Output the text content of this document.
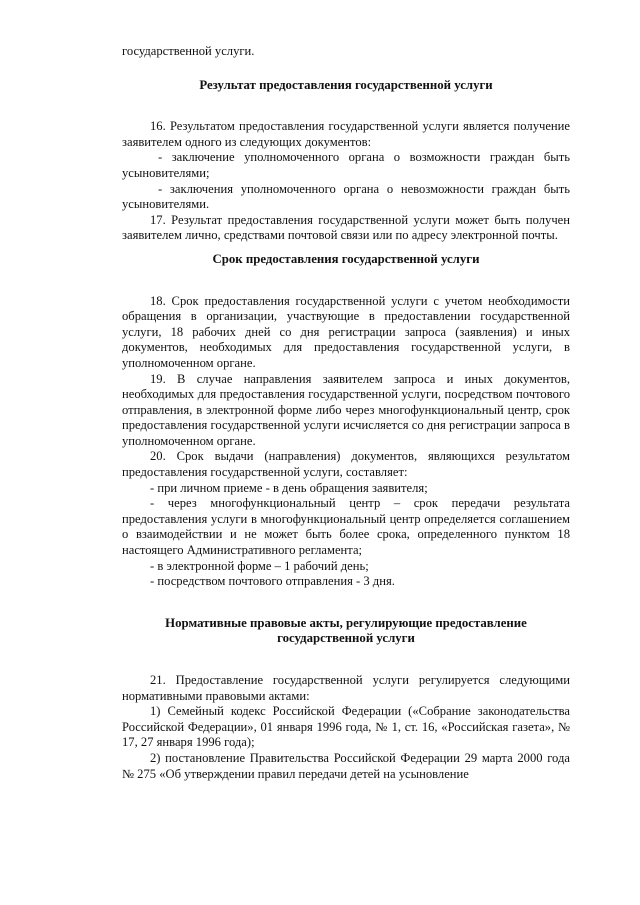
государственной услуги.

Результат предоставления государственной услуги

16. Результатом предоставления государственной услуги является получение заявителем одного из следующих документов:

- заключение уполномоченного органа о возможности граждан быть усыновителями;

- заключения уполномоченного органа о невозможности граждан быть усыновителями.

17. Результат предоставления государственной услуги может быть получен заявителем лично, средствами почтовой связи или по адресу электронной почты.

Срок предоставления государственной услуги

18. Срок предоставления государственной услуги с учетом необходимости обращения в организации, участвующие в предоставлении государственной услуги, 18 рабочих дней со дня регистрации запроса (заявления) и иных документов, необходимых для предоставления государственной услуги, в уполномоченном органе.

19. В случае направления заявителем запроса и иных документов, необходимых для предоставления государственной услуги, посредством почтового отправления, в электронной форме либо через многофункциональный центр, срок предоставления государственной услуги исчисляется со дня регистрации запроса в уполномоченном органе.

20. Срок выдачи (направления) документов, являющихся результатом предоставления государственной услуги, составляет:

- при личном приеме - в день обращения заявителя;

- через многофункциональный центр – срок передачи результата предоставления услуги в многофункциональный центр определяется соглашением о взаимодействии и не может быть более срока, определенного пунктом 18 настоящего Административного регламента;

- в электронной форме – 1 рабочий день;

- посредством почтового отправления - 3 дня.

Нормативные правовые акты, регулирующие предоставление
государственной услуги

21. Предоставление государственной услуги регулируется следующими нормативными правовыми актами:

1) Семейный кодекс Российской Федерации («Собрание законодательства Российской Федерации», 01 января 1996 года, № 1, ст. 16, «Российская газета», № 17, 27 января 1996 года);

2) постановление Правительства Российской Федерации 29 марта 2000 года № 275 «Об утверждении правил передачи детей на усыновление
